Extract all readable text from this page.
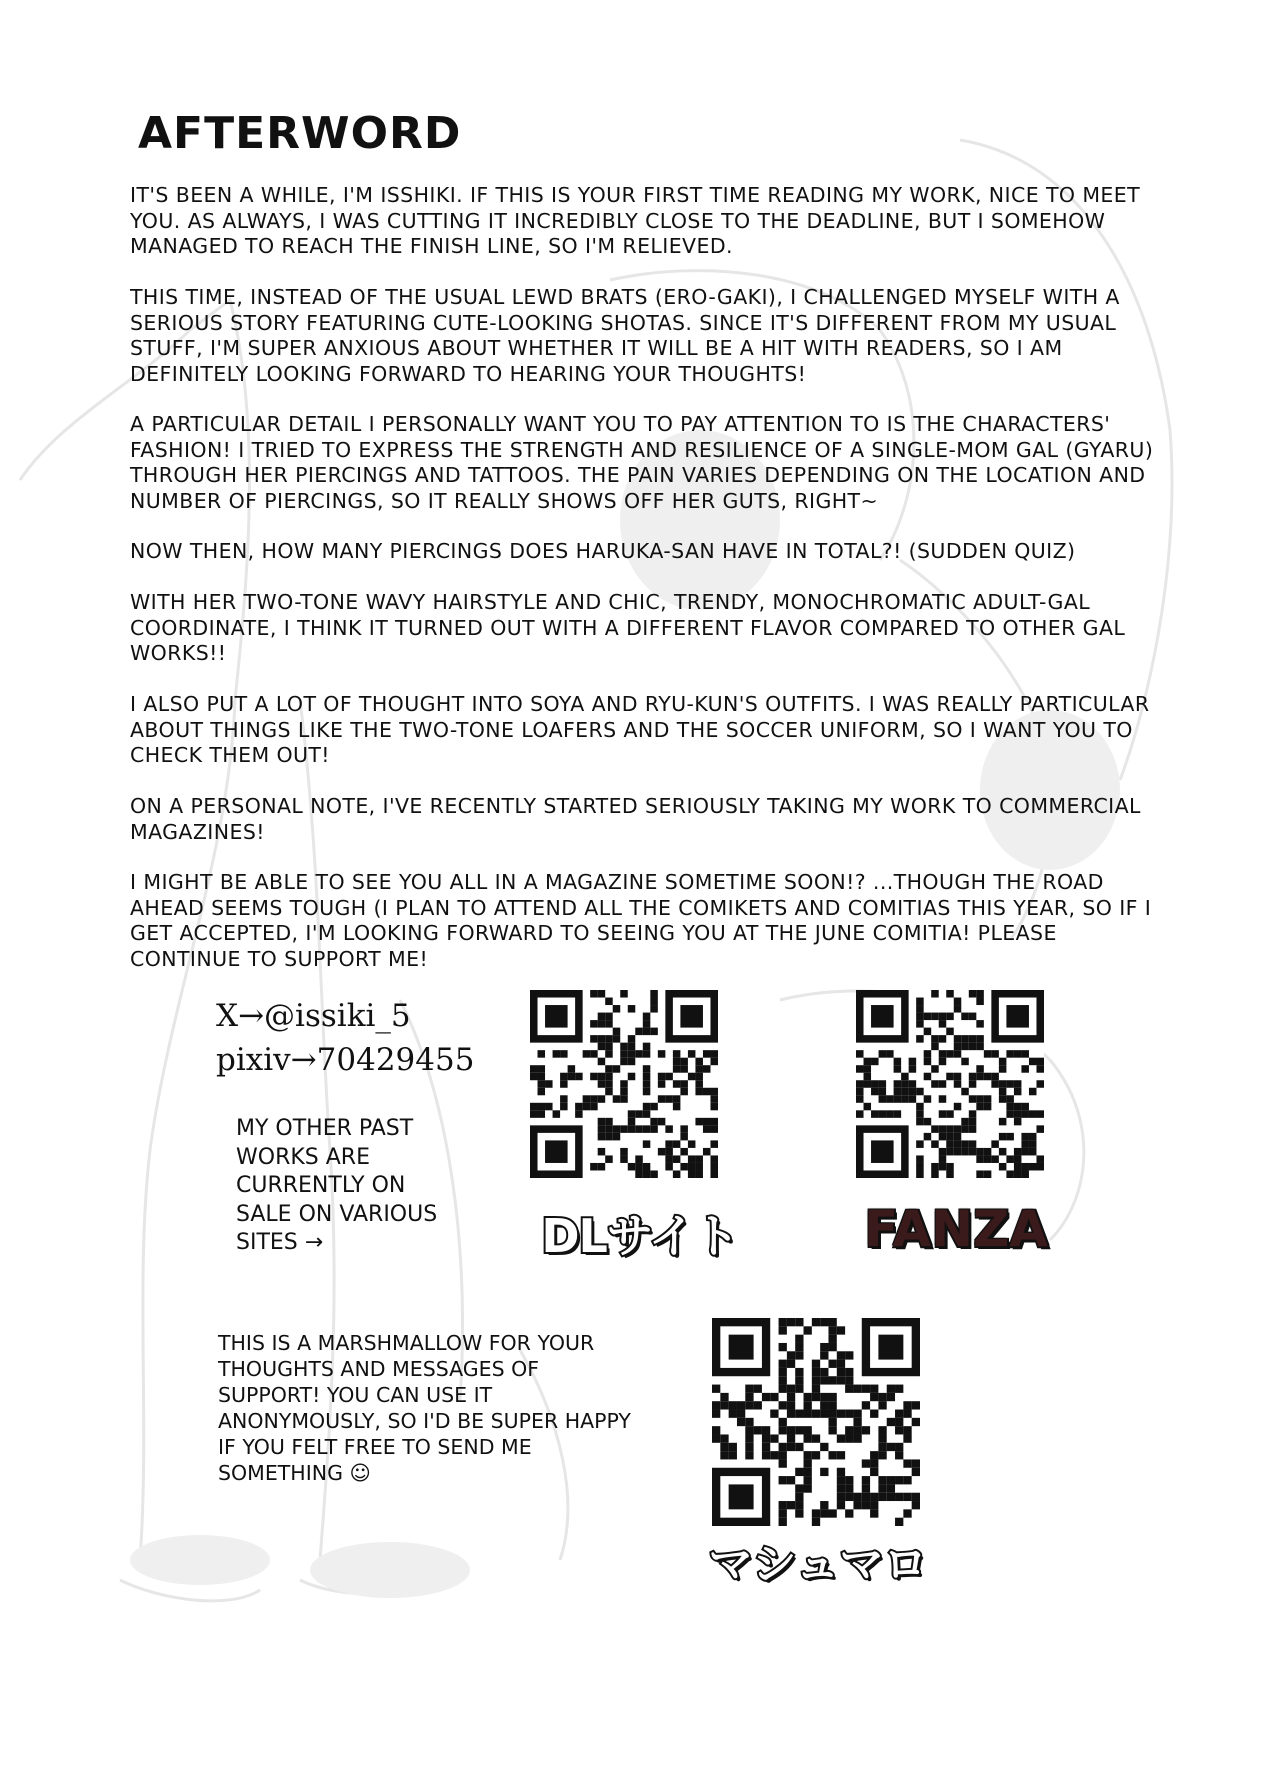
AFTERWORD

IT'S BEEN A WHILE, I'M ISSHIKI. IF THIS IS YOUR FIRST TIME READING MY WORK, NICE TO MEET YOU. AS ALWAYS, I WAS CUTTING IT INCREDIBLY CLOSE TO THE DEADLINE, BUT I SOMEHOW MANAGED TO REACH THE FINISH LINE, SO I'M RELIEVED.

THIS TIME, INSTEAD OF THE USUAL LEWD BRATS (ERO-GAKI), I CHALLENGED MYSELF WITH A SERIOUS STORY FEATURING CUTE-LOOKING SHOTAS. SINCE IT'S DIFFERENT FROM MY USUAL STUFF, I'M SUPER ANXIOUS ABOUT WHETHER IT WILL BE A HIT WITH READERS, SO I AM DEFINITELY LOOKING FORWARD TO HEARING YOUR THOUGHTS!

A PARTICULAR DETAIL I PERSONALLY WANT YOU TO PAY ATTENTION TO IS THE CHARACTERS' FASHION! I TRIED TO EXPRESS THE STRENGTH AND RESILIENCE OF A SINGLE-MOM GAL (GYARU) THROUGH HER PIERCINGS AND TATTOOS. THE PAIN VARIES DEPENDING ON THE LOCATION AND NUMBER OF PIERCINGS, SO IT REALLY SHOWS OFF HER GUTS, RIGHT~

NOW THEN, HOW MANY PIERCINGS DOES HARUKA-SAN HAVE IN TOTAL?! (SUDDEN QUIZ)

WITH HER TWO-TONE WAVY HAIRSTYLE AND CHIC, TRENDY, MONOCHROMATIC ADULT-GAL COORDINATE, I THINK IT TURNED OUT WITH A DIFFERENT FLAVOR COMPARED TO OTHER GAL WORKS!!

I ALSO PUT A LOT OF THOUGHT INTO SOYA AND RYU-KUN'S OUTFITS. I WAS REALLY PARTICULAR ABOUT THINGS LIKE THE TWO-TONE LOAFERS AND THE SOCCER UNIFORM, SO I WANT YOU TO CHECK THEM OUT!

ON A PERSONAL NOTE, I'VE RECENTLY STARTED SERIOUSLY TAKING MY WORK TO COMMERCIAL MAGAZINES!

I MIGHT BE ABLE TO SEE YOU ALL IN A MAGAZINE SOMETIME SOON!? ...THOUGH THE ROAD AHEAD SEEMS TOUGH (I PLAN TO ATTEND ALL THE COMIKETS AND COMITIAS THIS YEAR, SO IF I GET ACCEPTED, I'M LOOKING FORWARD TO SEEING YOU AT THE JUNE COMITIA! PLEASE CONTINUE TO SUPPORT ME!

X→@issiki_5
pixiv→70429455

MY OTHER PAST WORKS ARE CURRENTLY ON SALE ON VARIOUS SITES →

THIS IS A MARSHMALLOW FOR YOUR THOUGHTS AND MESSAGES OF SUPPORT! YOU CAN USE IT ANONYMOUSLY, SO I'D BE SUPER HAPPY IF YOU FELT FREE TO SEND ME SOMETHING ☺

DLサイト	FANZA
マシュマロ
